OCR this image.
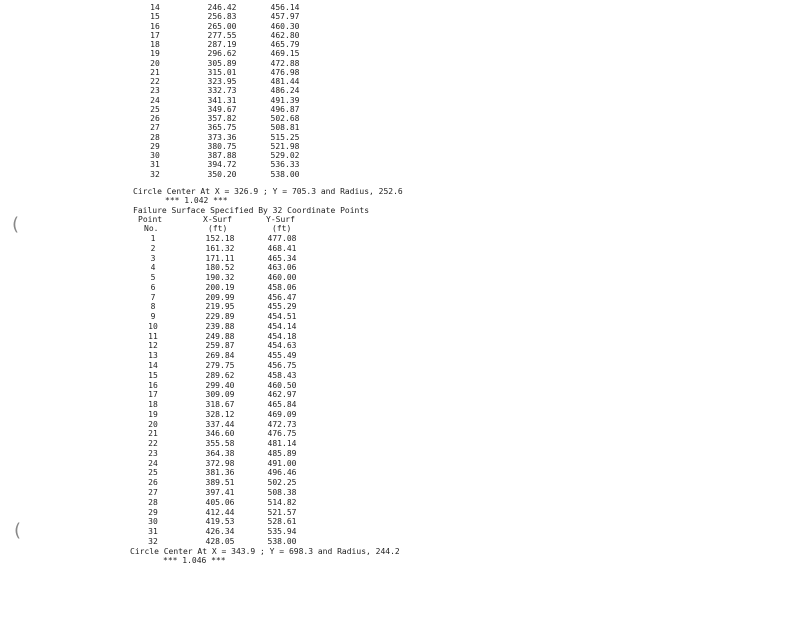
14	246.42	456.14
15	256.83	457.97
16	265.00	460.30
17	277.55	462.80
18	287.19	465.79
19	296.62	469.15
20	305.89	472.88
21	315.01	476.98
22	323.95	481.44
23	332.73	486.24
24	341.31	491.39
25	349.67	496.87
26	357.82	502.68
27	365.75	508.81
28	373.36	515.25
29	380.75	521.98
30	387.88	529.02
31	394.72	536.33
32	350.20	538.00
Circle Center At X = 326.9 ; Y = 705.3 and Radius, 252.6
*** 1.042 ***
(
Failure Surface Specified By 32 Coordinate Points
Point	X-Surf	Y-Surf
No.	(ft)	(ft)
1	152.18	477.08
2	161.32	468.41
3	171.11	465.34
4	180.52	463.06
5	190.32	460.00
6	200.19	458.06
7	209.99	456.47
8	219.95	455.29
9	229.89	454.51
10	239.88	454.14
11	249.88	454.18
12	259.87	454.63
13	269.84	455.49
14	279.75	456.75
15	289.62	458.43
16	299.40	460.50
17	309.09	462.97
18	318.67	465.84
19	328.12	469.09
20	337.44	472.73
21	346.60	476.75
22	355.58	481.14
23	364.38	485.89
24	372.98	491.00
25	381.36	496.46
26	389.51	502.25
27	397.41	508.38
28	405.06	514.82
29	412.44	521.57
30	419.53	528.61
31	426.34	535.94
32	428.05	538.00
(
Circle Center At X = 343.9 ; Y = 698.3 and Radius, 244.2
*** 1.046 ***
